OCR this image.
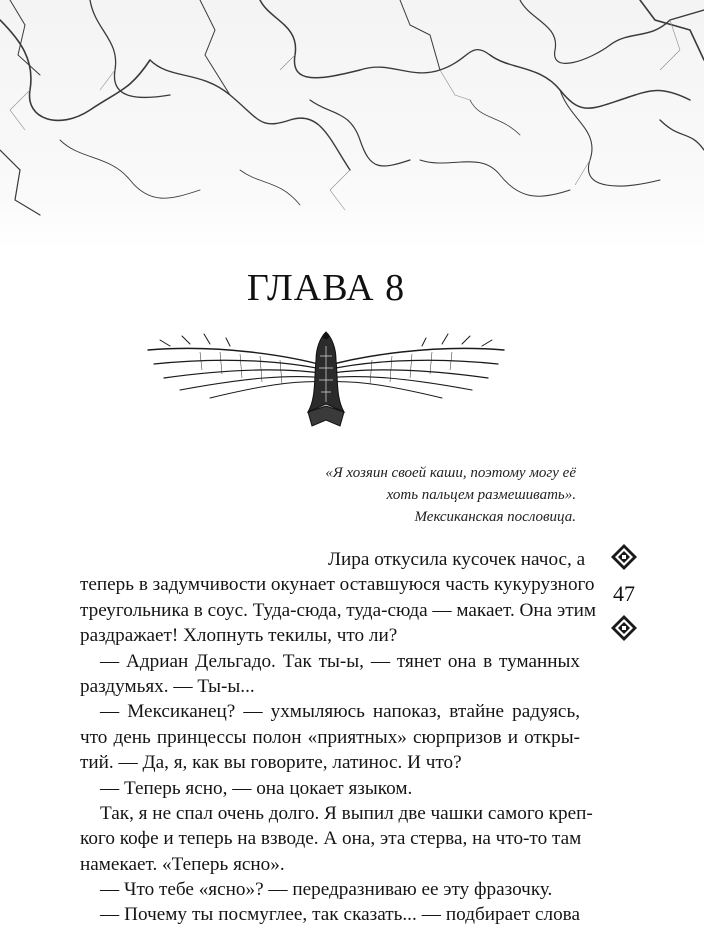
ГЛАВА 8
«Я хозяин своей каши, поэтому могу её
хоть пальцем размешивать».
Мексиканская пословица.
Лира откусила кусочек начос, а
теперь в задумчивости окунает оставшуюся часть кукурузного
треугольника в соус. Туда-сюда, туда-сюда — макает. Она этим
раздражает! Хлопнуть текилы, что ли?
— Адриан Дельгадо. Так ты-ы, — тянет она в туманных
раздумьях. — Ты-ы...
— Мексиканец? — ухмыляюсь напоказ, втайне радуясь,
что день принцессы полон «приятных» сюрпризов и откры-
тий. — Да, я, как вы говорите, латинос. И что?
— Теперь ясно, — она цокает языком.
Так, я не спал очень долго. Я выпил две чашки самого креп-
кого кофе и теперь на взводе. А она, эта стерва, на что-то там
намекает. «Теперь ясно».
— Что тебе «ясно»? — передразниваю ее эту фразочку.
— Почему ты посмуглее, так сказать... — подбирает слова
47
